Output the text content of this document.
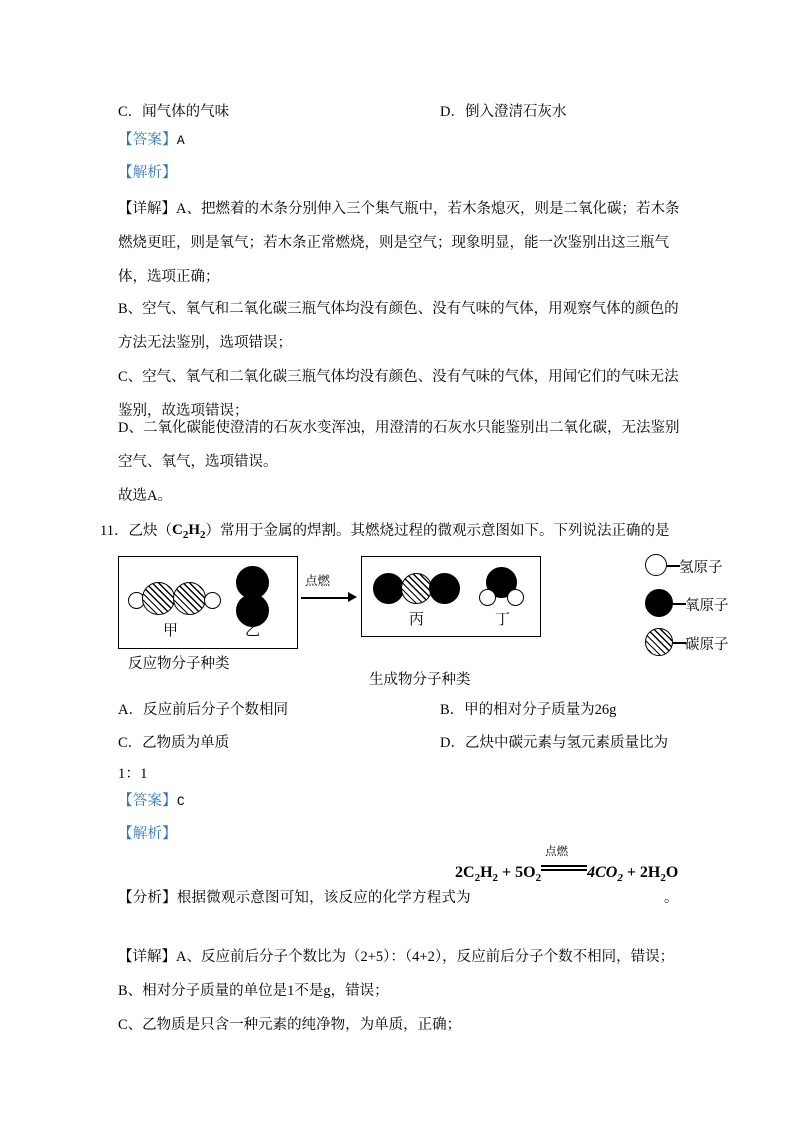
C．闻气体的气味	D．倒入澄清石灰水
【答案】A
【解析】
【详解】A、把燃着的木条分别伸入三个集气瓶中，若木条熄灭，则是二氧化碳；若木条燃烧更旺，则是氧气；若木条正常燃烧，则是空气；现象明显，能一次鉴别出这三瓶气体，选项正确；
B、空气、氧气和二氧化碳三瓶气体均没有颜色、没有气味的气体，用观察气体的颜色的方法无法鉴别，选项错误；
C、空气、氧气和二氧化碳三瓶气体均没有颜色、没有气味的气体，用闻它们的气味无法鉴别，故选项错误；
D、二氧化碳能使澄清的石灰水变浑浊，用澄清的石灰水只能鉴别出二氧化碳，无法鉴别空气、氧气，选项错误。
故选A。
11．乙炔$(C_2H_2)$常用于金属的焊割。其燃烧过程的微观示意图如下。下列说法正确的是
甲	乙
点燃
丙	丁
反应物分子种类
生成物分子种类
氢原子
氧原子
碳原子
A．反应前后分子个数相同	B．甲的相对分子质量为26g
C．乙物质为单质	D．乙炔中碳元素与氢元素质量比为
1：1
【答案】C
【解析】
$2C_2H_2 + 5O_2$
点燃
$4CO_2 + 2H_2O$
【分析】根据微观示意图可知，该反应的化学方程式为	。
【详解】A、反应前后分子个数比为（2+5）：（4+2），反应前后分子个数不相同，错误；
B、相对分子质量的单位是1不是g，错误；
C、乙物质是只含一种元素的纯净物，为单质，正确；
